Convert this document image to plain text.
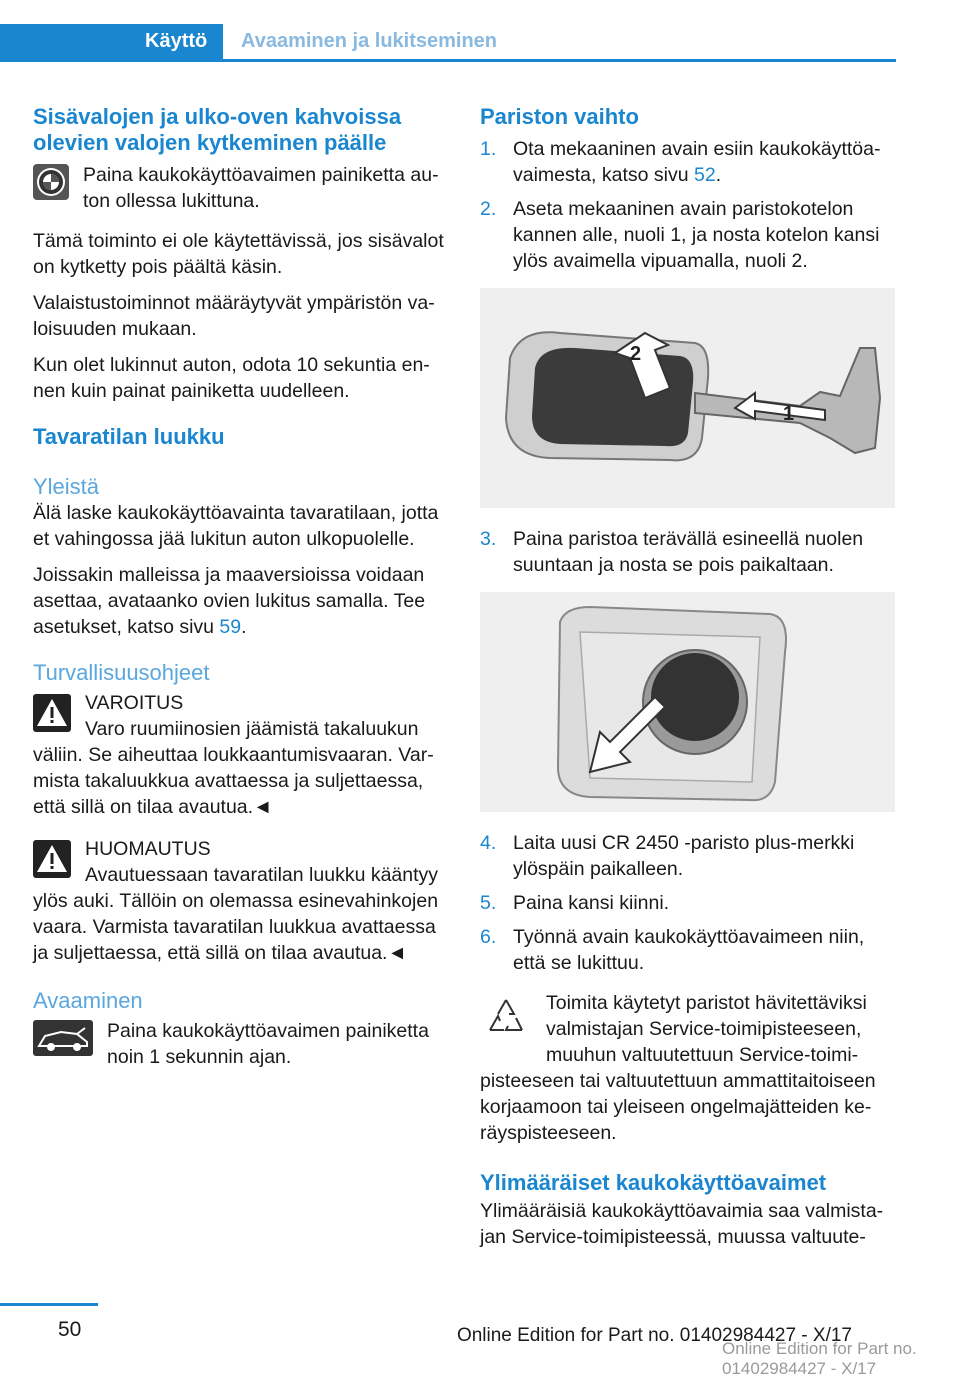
Käyttö Avaaminen ja lukitseminen
Sisävalojen ja ulko-oven kahvoissa olevien valojen kytkeminen päälle
Paina kaukokäyttöavaimen painiketta auton ollessa lukittuna.

Tämä toiminto ei ole käytettävissä, jos sisävalot on kytketty pois päältä käsin.

Valaistustoiminnot määräytyvät ympäristön valoisuuden mukaan.

Kun olet lukinnut auton, odota 10 sekuntia ennen kuin painat painiketta uudelleen.

Tavaratilan luukku
Yleistä

Älä laske kaukokäyttöavainta tavaratilaan, jotta et vahingossa jää lukitun auton ulkopuolelle.

Joissakin malleissa ja maaversioissa voidaan asettaa, avataanko ovien lukitus samalla. Tee asetukset, katso sivu 59.

Turvallisuusohjeet
VAROITUS
Varo ruumiinosien jäämistä takaluukun väliin. Se aiheuttaa loukkaantumisvaaran. Varmista takaluukkua avattaessa ja suljettaessa, että sillä on tilaa avautua.◄
HUOMAUTUS
Avautuessaan tavaratilan luukku kääntyy ylös auki. Tällöin on olemassa esinevahinkojen vaara. Varmista tavaratilan luukkua avattaessa ja suljettaessa, että sillä on tilaa avautua.◄
Avaaminen
Paina kaukokäyttöavaimen painiketta noin 1 sekunnin ajan.
Pariston vaihto
1. Ota mekaaninen avain esiin kaukokäyttöavaimesta, katso sivu 52.
2. Aseta mekaaninen avain paristokotelon kannen alle, nuoli 1, ja nosta kotelon kansi ylös avaimella vipuamalla, nuoli 2.
2
1
3. Paina paristoa terävällä esineellä nuolen suuntaan ja nosta se pois paikaltaan.
4. Laita uusi CR 2450 -paristo plus-merkki ylöspäin paikalleen.
5. Paina kansi kiinni.
6. Työnnä avain kaukokäyttöavaimeen niin, että se lukittuu.
Toimita käytetyt paristot hävitettäviksi valmistajan Service-toimipisteeseen, muuhun valtuutettuun Service-toimipisteeseen tai valtuutettuun ammattitaitoiseen korjaamoon tai yleiseen ongelmajätteiden keräyspisteeseen.
Ylimääräiset kaukokäyttöavaimet

Ylimääräisiä kaukokäyttöavaimia saa valmistajan Service-toimipisteessä, muussa valtuute-

50	Online Edition for Part no. 01402984427 - X/17
Online Edition for Part no. 01402984427 - X/17
